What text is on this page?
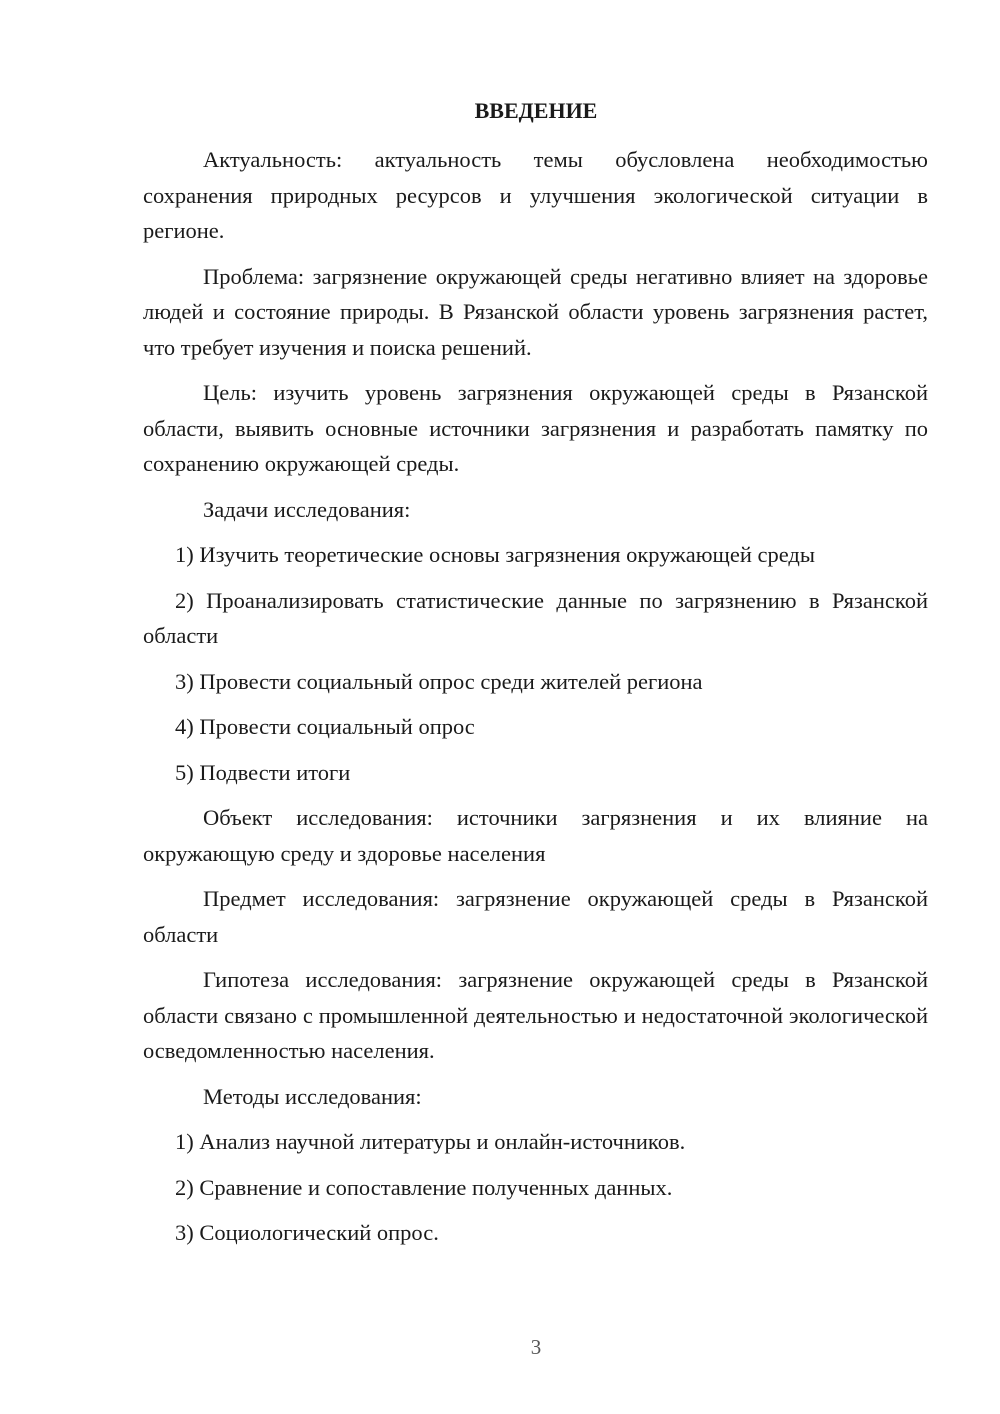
ВВЕДЕНИЕ

Актуальность: актуальность темы обусловлена необходимостью сохранения природных ресурсов и улучшения экологической ситуации в регионе.

Проблема: загрязнение окружающей среды негативно влияет на здоровье людей и состояние природы. В Рязанской области уровень загрязнения растет, что требует изучения и поиска решений.

Цель: изучить уровень загрязнения окружающей среды в Рязанской области, выявить основные источники загрязнения и разработать памятку по сохранению окружающей среды.

Задачи исследования:

1) Изучить теоретические основы загрязнения окружающей среды

2) Проанализировать статистические данные по загрязнению в Рязанской области

3) Провести социальный опрос среди жителей региона

4) Провести социальный опрос

5) Подвести итоги

Объект исследования: источники загрязнения и их влияние на окружающую среду и здоровье населения

Предмет исследования: загрязнение окружающей среды в Рязанской области

Гипотеза исследования: загрязнение окружающей среды в Рязанской области связано с промышленной деятельностью и недостаточной экологической осведомленностью населения.

Методы исследования:

1) Анализ научной литературы и онлайн-источников.

2) Сравнение и сопоставление полученных данных.

3) Социологический опрос.

3
